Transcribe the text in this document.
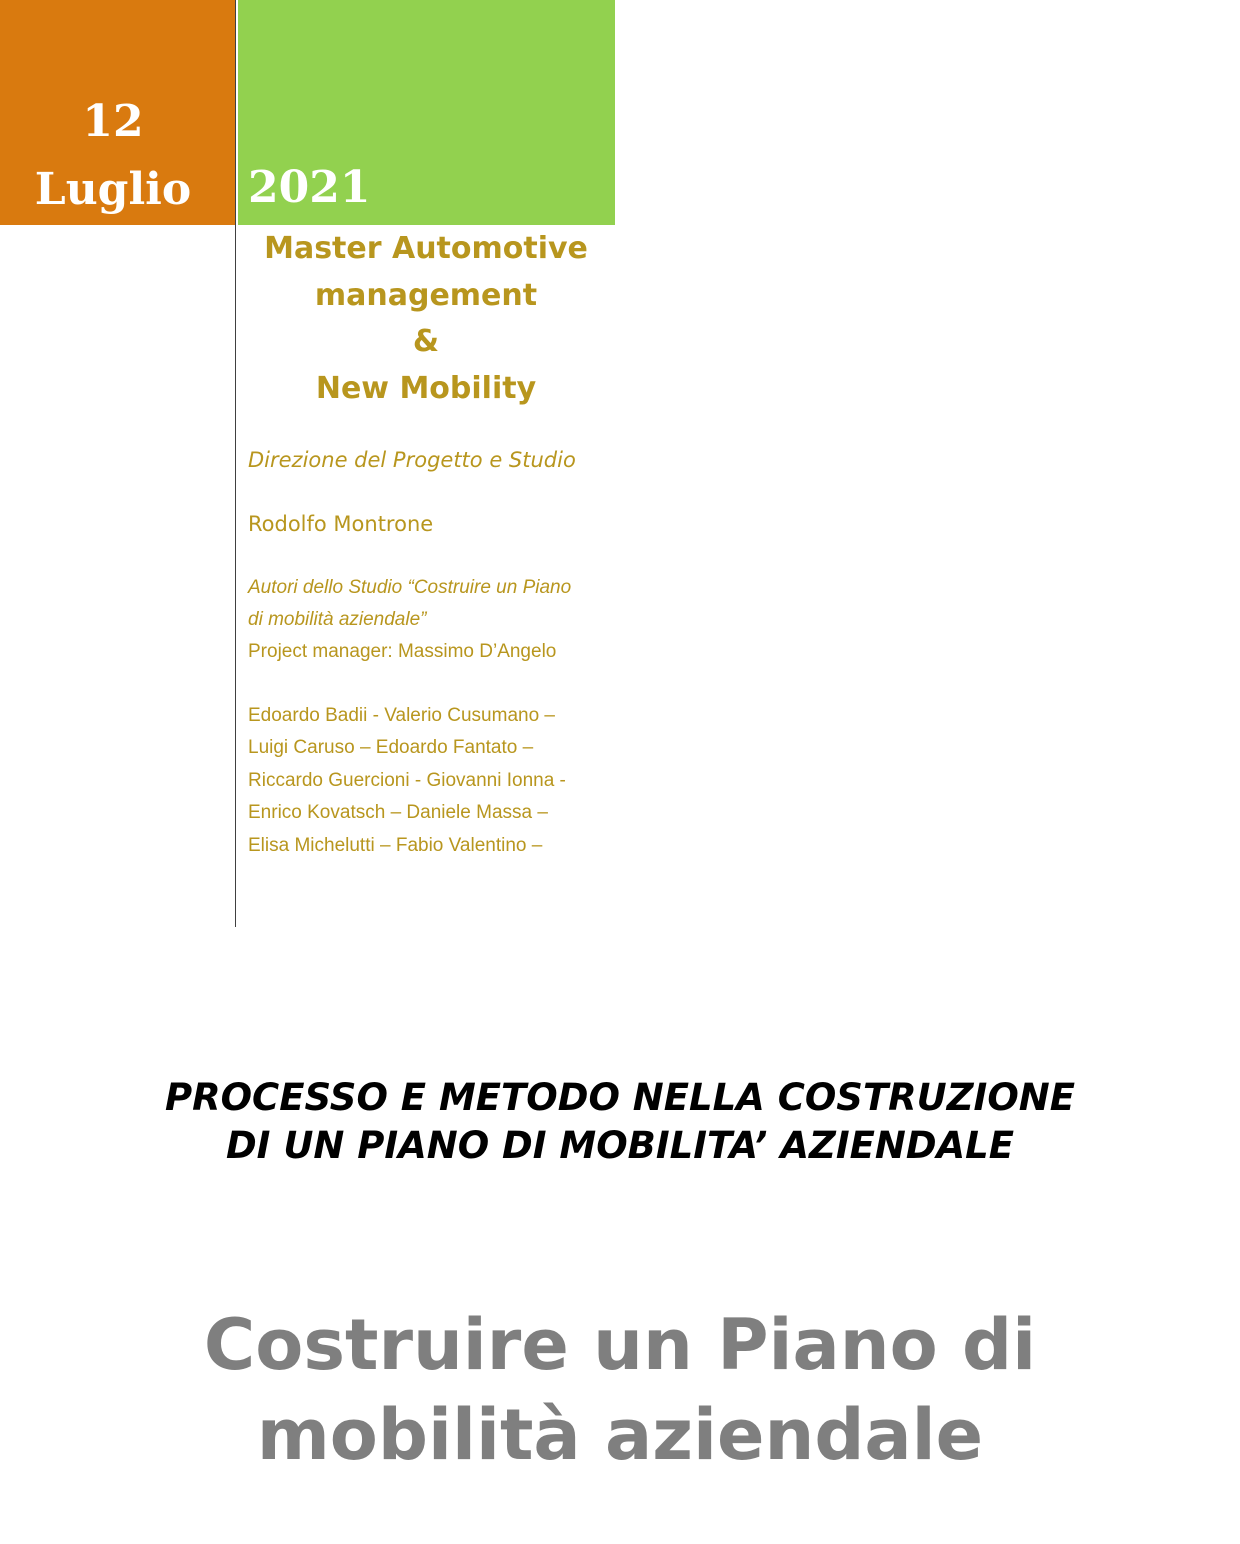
12
Luglio	2021
Master Automotive
management
&
New Mobility
Direzione del Progetto e Studio
Rodolfo Montrone
Autori dello Studio “Costruire un Piano di mobilità aziendale”
Project manager: Massimo D’Angelo
Edoardo Badii - Valerio Cusumano –
Luigi Caruso – Edoardo Fantato –
Riccardo Guercioni - Giovanni Ionna -
Enrico Kovatsch – Daniele Massa –
Elisa Michelutti – Fabio Valentino –
PROCESSO E METODO NELLA COSTRUZIONE
DI UN PIANO DI MOBILITA’ AZIENDALE
Costruire un Piano di
mobilità aziendale
